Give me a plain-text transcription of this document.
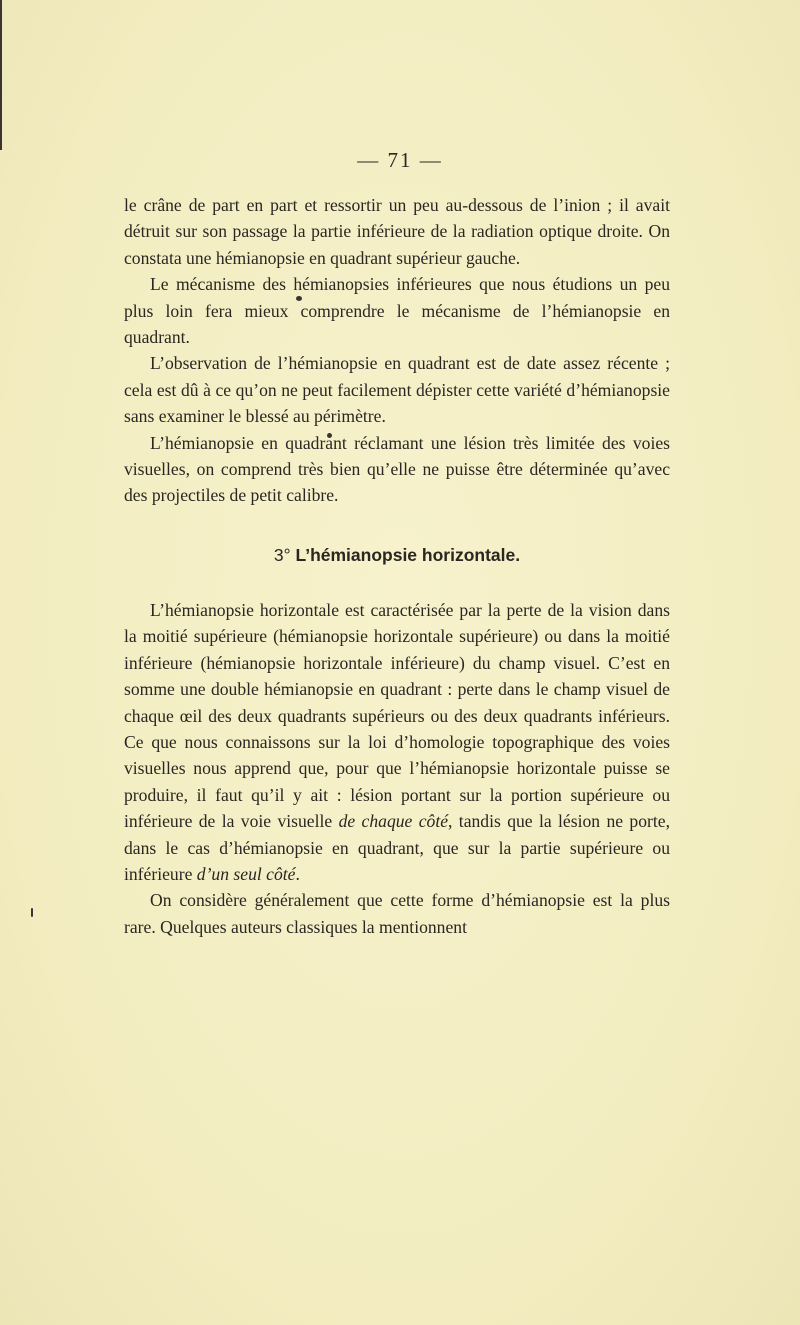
— 71 —

le crâne de part en part et ressortir un peu au-dessous de l’inion ; il avait détruit sur son passage la partie inférieure de la radiation optique droite. On constata une hémianopsie en quadrant supérieur gauche.

Le mécanisme des hémianopsies inférieures que nous étudions un peu plus loin fera mieux comprendre le mécanisme de l’hémianopsie en quadrant.

L’observation de l’hémianopsie en quadrant est de date assez récente ; cela est dû à ce qu’on ne peut facilement dépister cette variété d’hémianopsie sans examiner le blessé au périmètre.

L’hémianopsie en quadrant réclamant une lésion très limitée des voies visuelles, on comprend très bien qu’elle ne puisse être déterminée qu’avec des projectiles de petit calibre.

3° L’hémianopsie horizontale.

L’hémianopsie horizontale est caractérisée par la perte de la vision dans la moitié supérieure (hémianopsie horizontale supérieure) ou dans la moitié inférieure (hémianopsie horizontale inférieure) du champ visuel. C’est en somme une double hémianopsie en quadrant : perte dans le champ visuel de chaque œil des deux quadrants supérieurs ou des deux quadrants inférieurs. Ce que nous connaissons sur la loi d’homologie topographique des voies visuelles nous apprend que, pour que l’hémianopsie horizontale puisse se produire, il faut qu’il y ait : lésion portant sur la portion supérieure ou inférieure de la voie visuelle de chaque côté, tandis que la lésion ne porte, dans le cas d’hémianopsie en quadrant, que sur la partie supérieure ou inférieure d’un seul côté.

On considère généralement que cette forme d’hémianopsie est la plus rare. Quelques auteurs classiques la mentionnent
